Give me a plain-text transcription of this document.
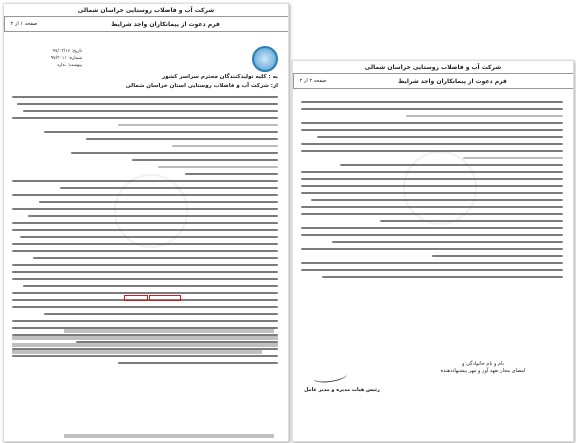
شرکت آب و فاضلاب روستایی خراسان شمالی
صفحه ۱ از ۲	فرم دعوت از پیمانکاران واجد شرایط
تاریخ: ۹۷/۰۳/۱۶
شماره: ۹۷/۳۰۱۱
پیوست: ندارد
به : کلیه تولیدکنندگان محترم سراسر کشور
از: شرکت آب و فاضلاب روستایی استان خراسان شمالی
شرکت آب و فاضلاب روستایی خراسان شمالی
صفحه ۲ از ۲	فرم دعوت از پیمانکاران واجد شرایط
نام و نام خانوادگی و
امضای مجاز تعهد آور و مهر پیشنهاددهنده
رئیس هیات مدیره و مدیر عامل
